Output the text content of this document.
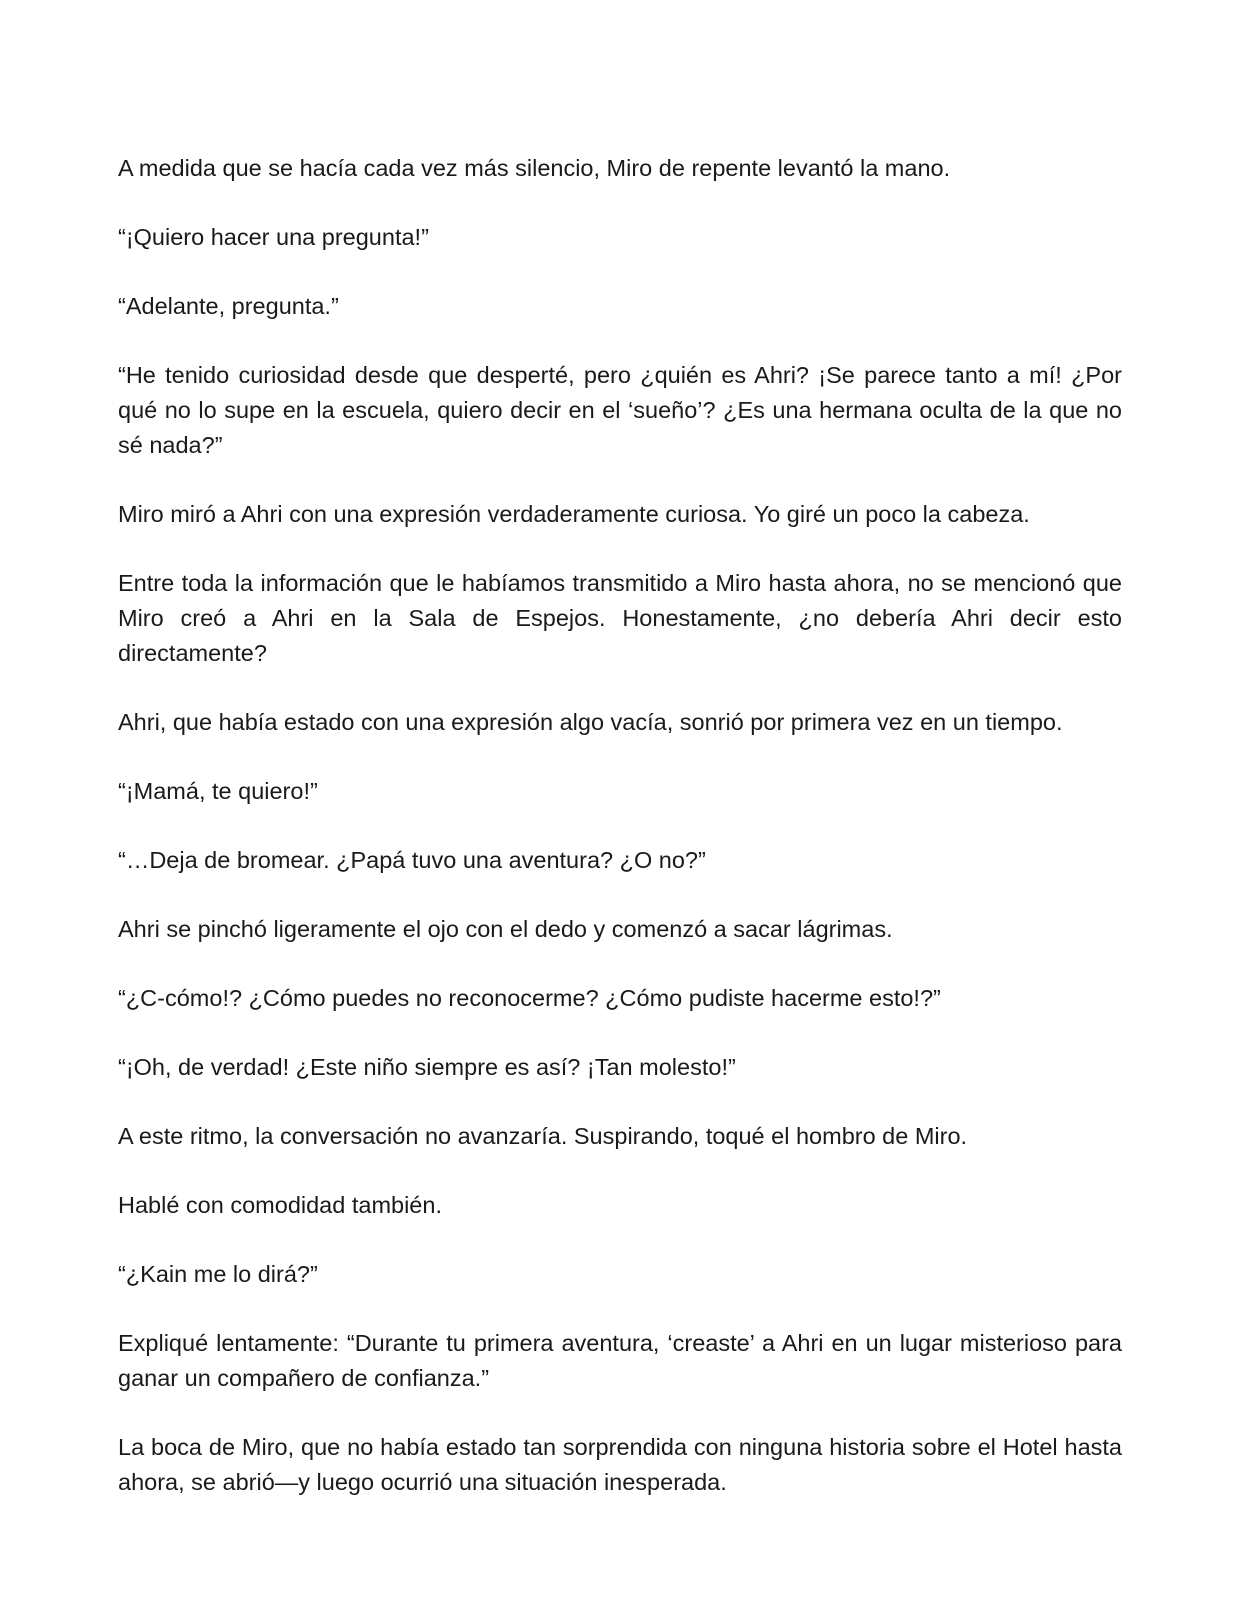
A medida que se hacía cada vez más silencio, Miro de repente levantó la mano.

“¡Quiero hacer una pregunta!”

“Adelante, pregunta.”

“He tenido curiosidad desde que desperté, pero ¿quién es Ahri? ¡Se parece tanto a mí! ¿Por qué no lo supe en la escuela, quiero decir en el ‘sueño’? ¿Es una hermana oculta de la que no sé nada?”

Miro miró a Ahri con una expresión verdaderamente curiosa. Yo giré un poco la cabeza.

Entre toda la información que le habíamos transmitido a Miro hasta ahora, no se mencionó que Miro creó a Ahri en la Sala de Espejos. Honestamente, ¿no debería Ahri decir esto directamente?

Ahri, que había estado con una expresión algo vacía, sonrió por primera vez en un tiempo.

“¡Mamá, te quiero!”

“…Deja de bromear. ¿Papá tuvo una aventura? ¿O no?”

Ahri se pinchó ligeramente el ojo con el dedo y comenzó a sacar lágrimas.

“¿C-cómo!? ¿Cómo puedes no reconocerme? ¿Cómo pudiste hacerme esto!?”

“¡Oh, de verdad! ¿Este niño siempre es así? ¡Tan molesto!”

A este ritmo, la conversación no avanzaría. Suspirando, toqué el hombro de Miro.

Hablé con comodidad también.

“¿Kain me lo dirá?”

Expliqué lentamente: “Durante tu primera aventura, ‘creaste’ a Ahri en un lugar misterioso para ganar un compañero de confianza.”

La boca de Miro, que no había estado tan sorprendida con ninguna historia sobre el Hotel hasta ahora, se abrió—y luego ocurrió una situación inesperada.
